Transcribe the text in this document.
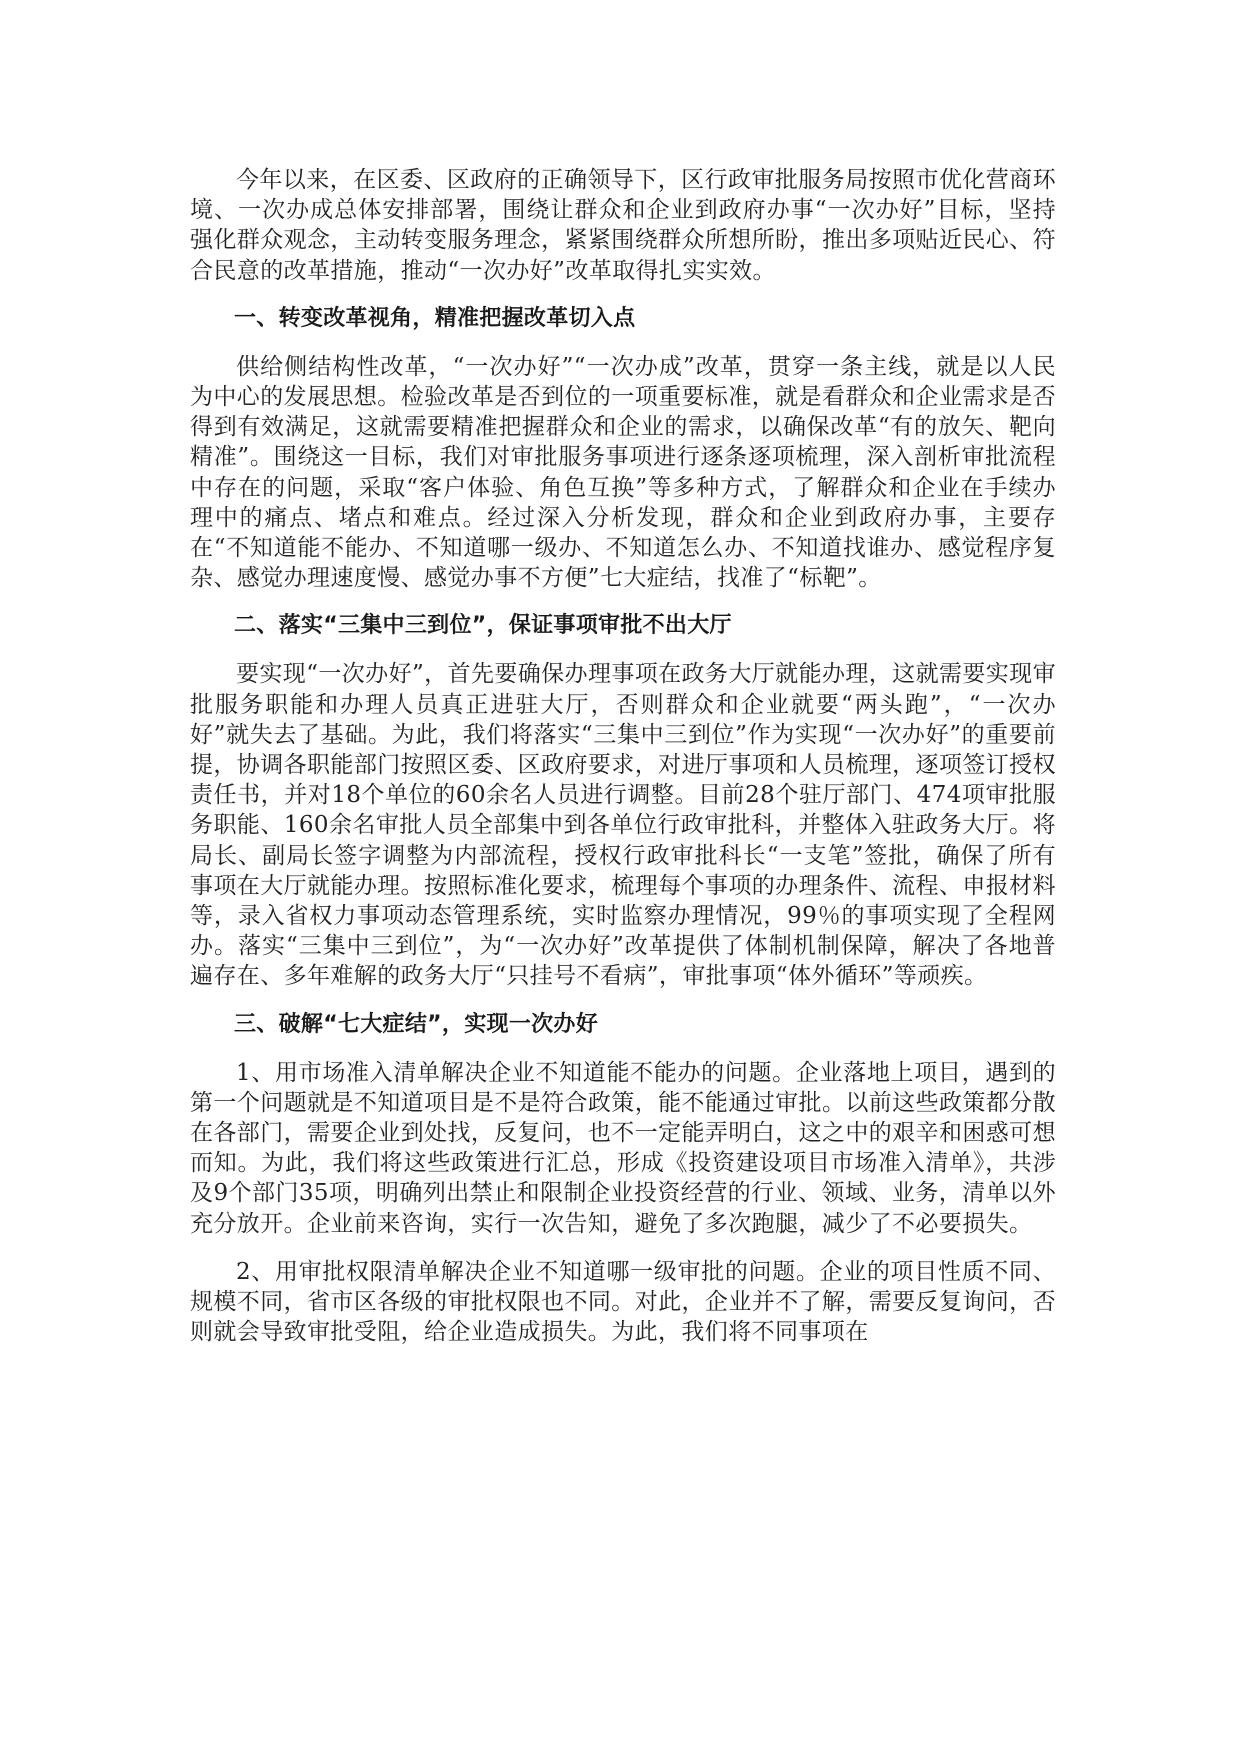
今年以来，在区委、区政府的正确领导下，区行政审批服务局按照市优化营商环境、一次办成总体安排部署，围绕让群众和企业到政府办事“一次办好”目标，坚持强化群众观念，主动转变服务理念，紧紧围绕群众所想所盼，推出多项贴近民心、符合民意的改革措施，推动“一次办好”改革取得扎实实效。

一、转变改革视角，精准把握改革切入点

供给侧结构性改革，“一次办好”“一次办成”改革，贯穿一条主线，就是以人民为中心的发展思想。检验改革是否到位的一项重要标准，就是看群众和企业需求是否得到有效满足，这就需要精准把握群众和企业的需求，以确保改革“有的放矢、靶向精准”。围绕这一目标，我们对审批服务事项进行逐条逐项梳理，深入剖析审批流程中存在的问题，采取“客户体验、角色互换”等多种方式，了解群众和企业在手续办理中的痛点、堵点和难点。经过深入分析发现，群众和企业到政府办事，主要存在“不知道能不能办、不知道哪一级办、不知道怎么办、不知道找谁办、感觉程序复杂、感觉办理速度慢、感觉办事不方便”七大症结，找准了“标靶”。

二、落实“三集中三到位”，保证事项审批不出大厅

要实现“一次办好”，首先要确保办理事项在政务大厅就能办理，这就需要实现审批服务职能和办理人员真正进驻大厅，否则群众和企业就要“两头跑”，“一次办好”就失去了基础。为此，我们将落实“三集中三到位”作为实现“一次办好”的重要前提，协调各职能部门按照区委、区政府要求，对进厅事项和人员梳理，逐项签订授权责任书，并对18个单位的60余名人员进行调整。目前28个驻厅部门、474项审批服务职能、160余名审批人员全部集中到各单位行政审批科，并整体入驻政务大厅。将局长、副局长签字调整为内部流程，授权行政审批科长“一支笔”签批，确保了所有事项在大厅就能办理。按照标准化要求，梳理每个事项的办理条件、流程、申报材料等，录入省权力事项动态管理系统，实时监察办理情况，99％的事项实现了全程网办。落实“三集中三到位”，为“一次办好”改革提供了体制机制保障，解决了各地普遍存在、多年难解的政务大厅“只挂号不看病”，审批事项“体外循环”等顽疾。

三、破解“七大症结”，实现一次办好

1、用市场准入清单解决企业不知道能不能办的问题。企业落地上项目，遇到的第一个问题就是不知道项目是不是符合政策，能不能通过审批。以前这些政策都分散在各部门，需要企业到处找，反复问，也不一定能弄明白，这之中的艰辛和困惑可想而知。为此，我们将这些政策进行汇总，形成《投资建设项目市场准入清单》，共涉及9个部门35项，明确列出禁止和限制企业投资经营的行业、领域、业务，清单以外充分放开。企业前来咨询，实行一次告知，避免了多次跑腿，减少了不必要损失。

2、用审批权限清单解决企业不知道哪一级审批的问题。企业的项目性质不同、规模不同，省市区各级的审批权限也不同。对此，企业并不了解，需要反复询问，否则就会导致审批受阻，给企业造成损失。为此，我们将不同事项在
